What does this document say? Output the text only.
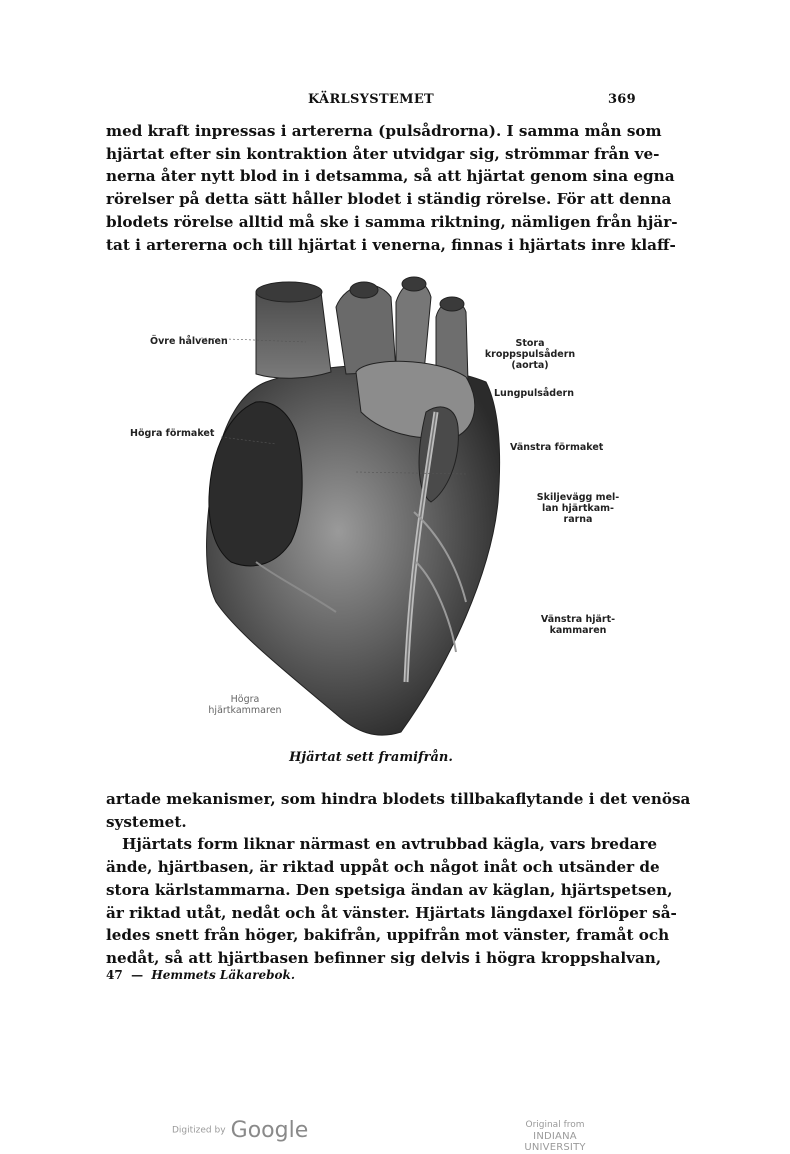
KÄRLSYSTEMET	369
med kraft inpressas i artererna (pulsådrorna). I samma mån som
hjärtat efter sin kontraktion åter utvidgar sig, strömmar från ve-
nerna åter nytt blod in i detsamma, så att hjärtat genom sina egna
rörelser på detta sätt håller blodet i ständig rörelse. För att denna
blodets rörelse alltid må ske i samma riktning, nämligen från hjär-
tat i artererna och till hjärtat i venerna, finnas i hjärtats inre klaff-
Övre hålvenen
Högra förmaket
Stora kroppspulsådern
(aorta)
Lungpulsådern
Vänstra förmaket
Skiljevägg mel-
lan hjärtkam-
rarna
Vänstra hjärt-
kammaren
Högra
hjärtkammaren
Hjärtat sett framifrån.
artade mekanismer, som hindra blodets tillbakaflytande i det venösa
systemet.
Hjärtats form liknar närmast en avtrubbad kägla, vars bredare
ände, hjärtbasen, är riktad uppåt och något inåt och utsänder de
stora kärlstammarna. Den spetsiga ändan av käglan, hjärtspetsen,
är riktad utåt, nedåt och åt vänster. Hjärtats längdaxel förlöper så-
ledes snett från höger, bakifrån, uppifrån mot vänster, framåt och
nedåt, så att hjärtbasen befinner sig delvis i högra kroppshalvan,
47 — Hemmets Läkarebok.
Digitized by Google	Original from
INDIANA UNIVERSITY
